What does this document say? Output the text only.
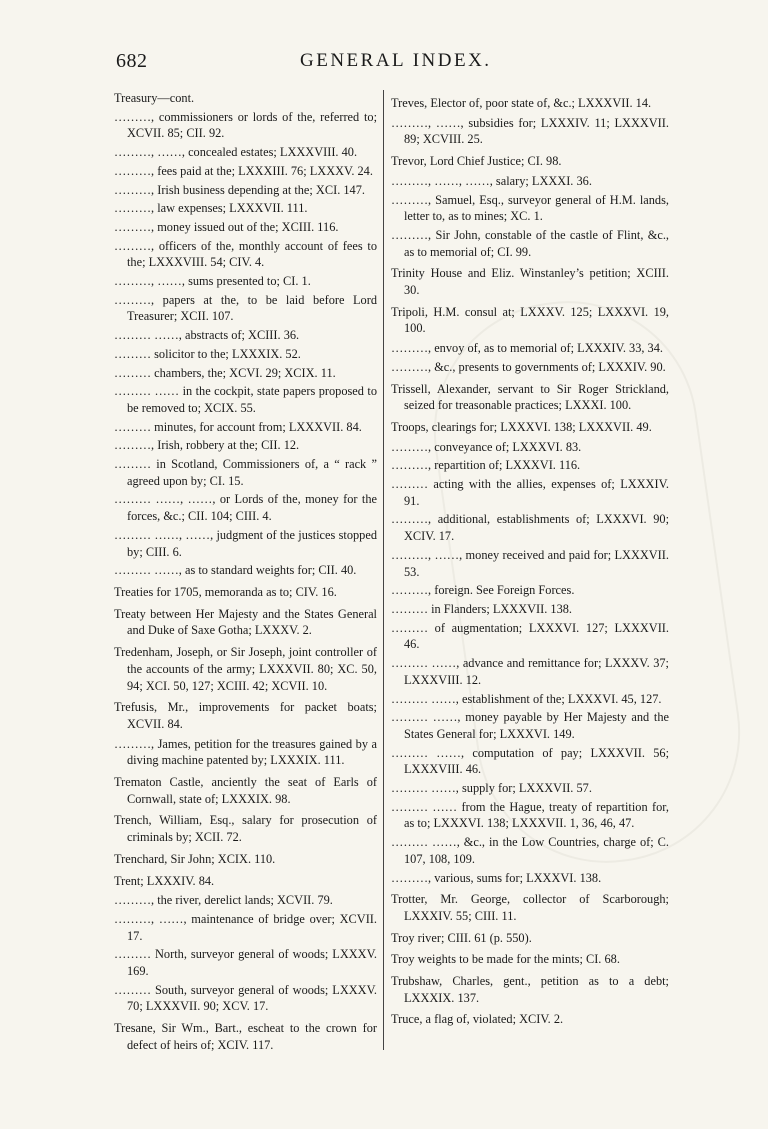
682	GENERAL INDEX.

Treasury—cont.

………, commissioners or lords of the, referred to; XCVII. 85; CII. 92.

………, ……, concealed estates; LXXXVIII. 40.

………, fees paid at the; LXXXIII. 76; LXXXV. 24.

………, Irish business depending at the; XCI. 147.

………, law expenses; LXXXVII. 111.

………, money issued out of the; XCIII. 116.

………, officers of the, monthly account of fees to the; LXXXVIII. 54; CIV. 4.

………, ……, sums presented to; CI. 1.

………, papers at the, to be laid before Lord Treasurer; XCII. 107.

……… ……, abstracts of; XCIII. 36.

……… solicitor to the; LXXXIX. 52.

……… chambers, the; XCVI. 29; XCIX. 11.

……… …… in the cockpit, state papers proposed to be removed to; XCIX. 55.

……… minutes, for account from; LXXXVII. 84.

………, Irish, robbery at the; CII. 12.

……… in Scotland, Commissioners of, a “ rack ” agreed upon by; CI. 15.

……… ……, ……, or Lords of the, money for the forces, &c.; CII. 104; CIII. 4.

……… ……, ……, judgment of the justices stopped by; CIII. 6.

……… ……, as to standard weights for; CII. 40.

Treaties for 1705, memoranda as to; CIV. 16.

Treaty between Her Majesty and the States General and Duke of Saxe Gotha; LXXXV. 2.

Tredenham, Joseph, or Sir Joseph, joint controller of the accounts of the army; LXXXVII. 80; XC. 50, 94; XCI. 50, 127; XCIII. 42; XCVII. 10.

Trefusis, Mr., improvements for packet boats; XCVII. 84.

………, James, petition for the treasures gained by a diving machine patented by; LXXXIX. 111.

Trematon Castle, anciently the seat of Earls of Cornwall, state of; LXXXIX. 98.

Trench, William, Esq., salary for prosecution of criminals by; XCII. 72.

Trenchard, Sir John; XCIX. 110.

Trent; LXXXIV. 84.

………, the river, derelict lands; XCVII. 79.

………, ……, maintenance of bridge over; XCVII. 17.

……… North, surveyor general of woods; LXXXV. 169.

……… South, surveyor general of woods; LXXXV. 70; LXXXVII. 90; XCV. 17.

Tresane, Sir Wm., Bart., escheat to the crown for defect of heirs of; XCIV. 117.

Treves, Elector of, poor state of, &c.; LXXXVII. 14.

………, ……, subsidies for; LXXXIV. 11; LXXXVII. 89; XCVIII. 25.

Trevor, Lord Chief Justice; CI. 98.

………, ……, ……, salary; LXXXI. 36.

………, Samuel, Esq., surveyor general of H.M. lands, letter to, as to mines; XC. 1.

………, Sir John, constable of the castle of Flint, &c., as to memorial of; CI. 99.

Trinity House and Eliz. Winstanley’s petition; XCIII. 30.

Tripoli, H.M. consul at; LXXXV. 125; LXXXVI. 19, 100.

………, envoy of, as to memorial of; LXXXIV. 33, 34.

………, &c., presents to governments of; LXXXIV. 90.

Trissell, Alexander, servant to Sir Roger Strickland, seized for treasonable practices; LXXXI. 100.

Troops, clearings for; LXXXVI. 138; LXXXVII. 49.

………, conveyance of; LXXXVI. 83.

………, repartition of; LXXXVI. 116.

……… acting with the allies, expenses of; LXXXIV. 91.

………, additional, establishments of; LXXXVI. 90; XCIV. 17.

………, ……, money received and paid for; LXXXVII. 53.

………, foreign. See Foreign Forces.

……… in Flanders; LXXXVII. 138.

……… of augmentation; LXXXVI. 127; LXXXVII. 46.

……… ……, advance and remittance for; LXXXV. 37; LXXXVIII. 12.

……… ……, establishment of the; LXXXVI. 45, 127.

……… ……, money payable by Her Majesty and the States General for; LXXXVI. 149.

……… ……, computation of pay; LXXXVII. 56; LXXXVIII. 46.

……… ……, supply for; LXXXVII. 57.

……… …… from the Hague, treaty of repartition for, as to; LXXXVI. 138; LXXXVII. 1, 36, 46, 47.

……… ……, &c., in the Low Countries, charge of; C. 107, 108, 109.

………, various, sums for; LXXXVI. 138.

Trotter, Mr. George, collector of Scarborough; LXXXIV. 55; CIII. 11.

Troy river; CIII. 61 (p. 550).

Troy weights to be made for the mints; CI. 68.

Trubshaw, Charles, gent., petition as to a debt; LXXXIX. 137.

Truce, a flag of, violated; XCIV. 2.
